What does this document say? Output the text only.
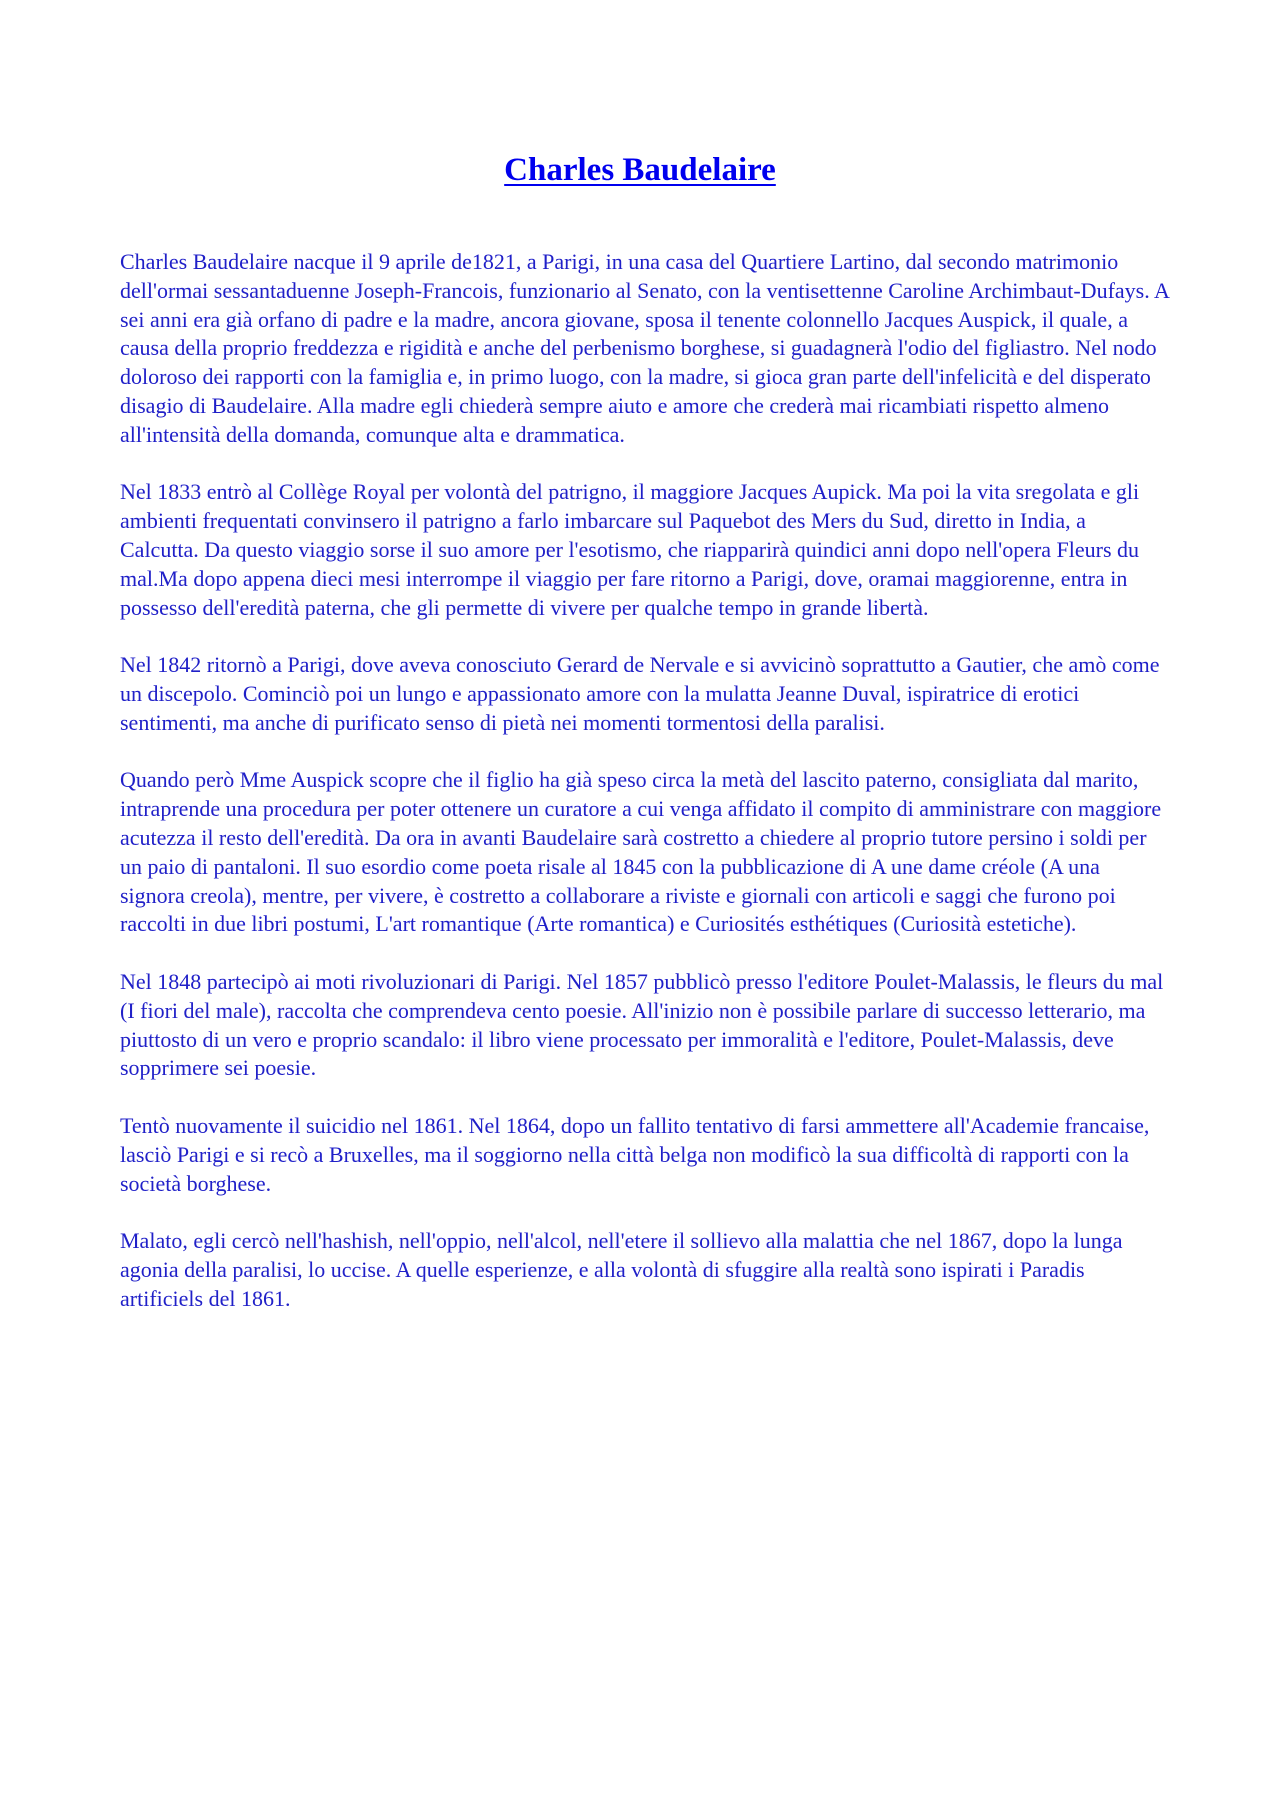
Charles Baudelaire

Charles Baudelaire nacque il 9 aprile de1821, a Parigi, in una casa del Quartiere Lartino, dal secondo matrimonio dell'ormai sessantaduenne Joseph-Francois, funzionario al Senato, con la ventisettenne Caroline Archimbaut-Dufays. A sei anni era già orfano di padre e la madre, ancora giovane, sposa il tenente colonnello Jacques Auspick, il quale, a causa della proprio freddezza e rigidità e anche del perbenismo borghese, si guadagnerà l'odio del figliastro. Nel nodo doloroso dei rapporti con la famiglia e, in primo luogo, con la madre, si gioca gran parte dell'infelicità e del disperato disagio di Baudelaire. Alla madre egli chiederà sempre aiuto e amore che crederà mai ricambiati rispetto almeno all'intensità della domanda, comunque alta e drammatica.

Nel 1833 entrò al Collège Royal per volontà del patrigno, il maggiore Jacques Aupick. Ma poi la vita sregolata e gli ambienti frequentati convinsero il patrigno a farlo imbarcare sul Paquebot des Mers du Sud, diretto in India, a Calcutta. Da questo viaggio sorse il suo amore per l'esotismo, che riapparirà quindici anni dopo nell'opera Fleurs du mal.Ma dopo appena dieci mesi interrompe il viaggio per fare ritorno a Parigi, dove, oramai maggiorenne, entra in possesso dell'eredità paterna, che gli permette di vivere per qualche tempo in grande libertà.

Nel 1842 ritornò a Parigi, dove aveva conosciuto Gerard de Nervale e si avvicinò soprattutto a Gautier, che amò come un discepolo. Cominciò poi un lungo e appassionato amore con la mulatta Jeanne Duval, ispiratrice di erotici sentimenti, ma anche di purificato senso di pietà nei momenti tormentosi della paralisi.

Quando però Mme Auspick scopre che il figlio ha già speso circa la metà del lascito paterno, consigliata dal marito, intraprende una procedura per poter ottenere un curatore a cui venga affidato il compito di amministrare con maggiore acutezza il resto dell'eredità. Da ora in avanti Baudelaire sarà costretto a chiedere al proprio tutore persino i soldi per un paio di pantaloni. Il suo esordio come poeta risale al 1845 con la pubblicazione di A une dame créole (A una signora creola), mentre, per vivere, è costretto a collaborare a riviste e giornali con articoli e saggi che furono poi raccolti in due libri postumi, L'art romantique (Arte romantica) e Curiosités esthétiques (Curiosità estetiche).

Nel 1848 partecipò ai moti rivoluzionari di Parigi. Nel 1857 pubblicò presso l'editore Poulet-Malassis, le fleurs du mal (I fiori del male), raccolta che comprendeva cento poesie. All'inizio non è possibile parlare di successo letterario, ma piuttosto di un vero e proprio scandalo: il libro viene processato per immoralità e l'editore, Poulet-Malassis, deve sopprimere sei poesie.

Tentò nuovamente il suicidio nel 1861. Nel 1864, dopo un fallito tentativo di farsi ammettere all'Academie francaise, lasciò Parigi e si recò a Bruxelles, ma il soggiorno nella città belga non modificò la sua difficoltà di rapporti con la società borghese.

Malato, egli cercò nell'hashish, nell'oppio, nell'alcol, nell'etere il sollievo alla malattia che nel 1867, dopo la lunga agonia della paralisi, lo uccise. A quelle esperienze, e alla volontà di sfuggire alla realtà sono ispirati i Paradis artificiels del 1861.
